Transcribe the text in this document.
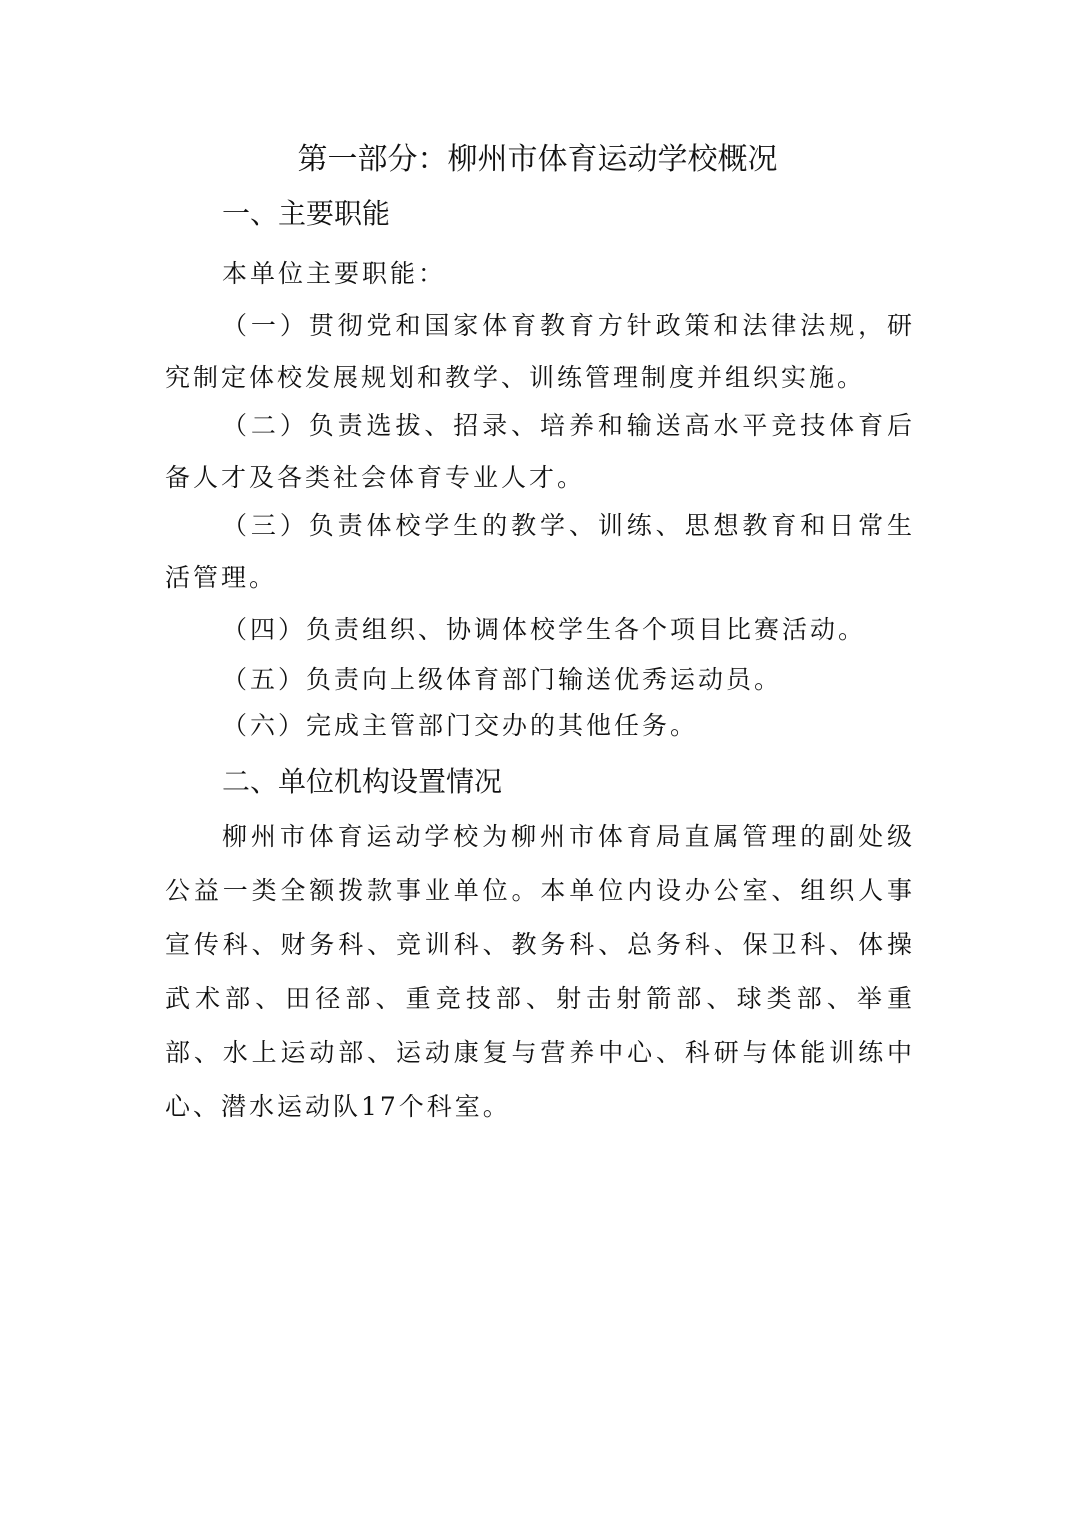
第一部分：柳州市体育运动学校概况
一、主要职能

本单位主要职能：

（一）贯彻党和国家体育教育方针政策和法律法规，研究制定体校发展规划和教学、训练管理制度并组织实施。

（二）负责选拔、招录、培养和输送高水平竞技体育后备人才及各类社会体育专业人才。

（三）负责体校学生的教学、训练、思想教育和日常生活管理。

（四）负责组织、协调体校学生各个项目比赛活动。

（五）负责向上级体育部门输送优秀运动员。

（六）完成主管部门交办的其他任务。

二、单位机构设置情况

柳州市体育运动学校为柳州市体育局直属管理的副处级公益一类全额拨款事业单位。本单位内设办公室、组织人事宣传科、财务科、竞训科、教务科、总务科、保卫科、体操武术部、田径部、重竞技部、射击射箭部、球类部、举重部、水上运动部、运动康复与营养中心、科研与体能训练中心、潜水运动队17个科室。
